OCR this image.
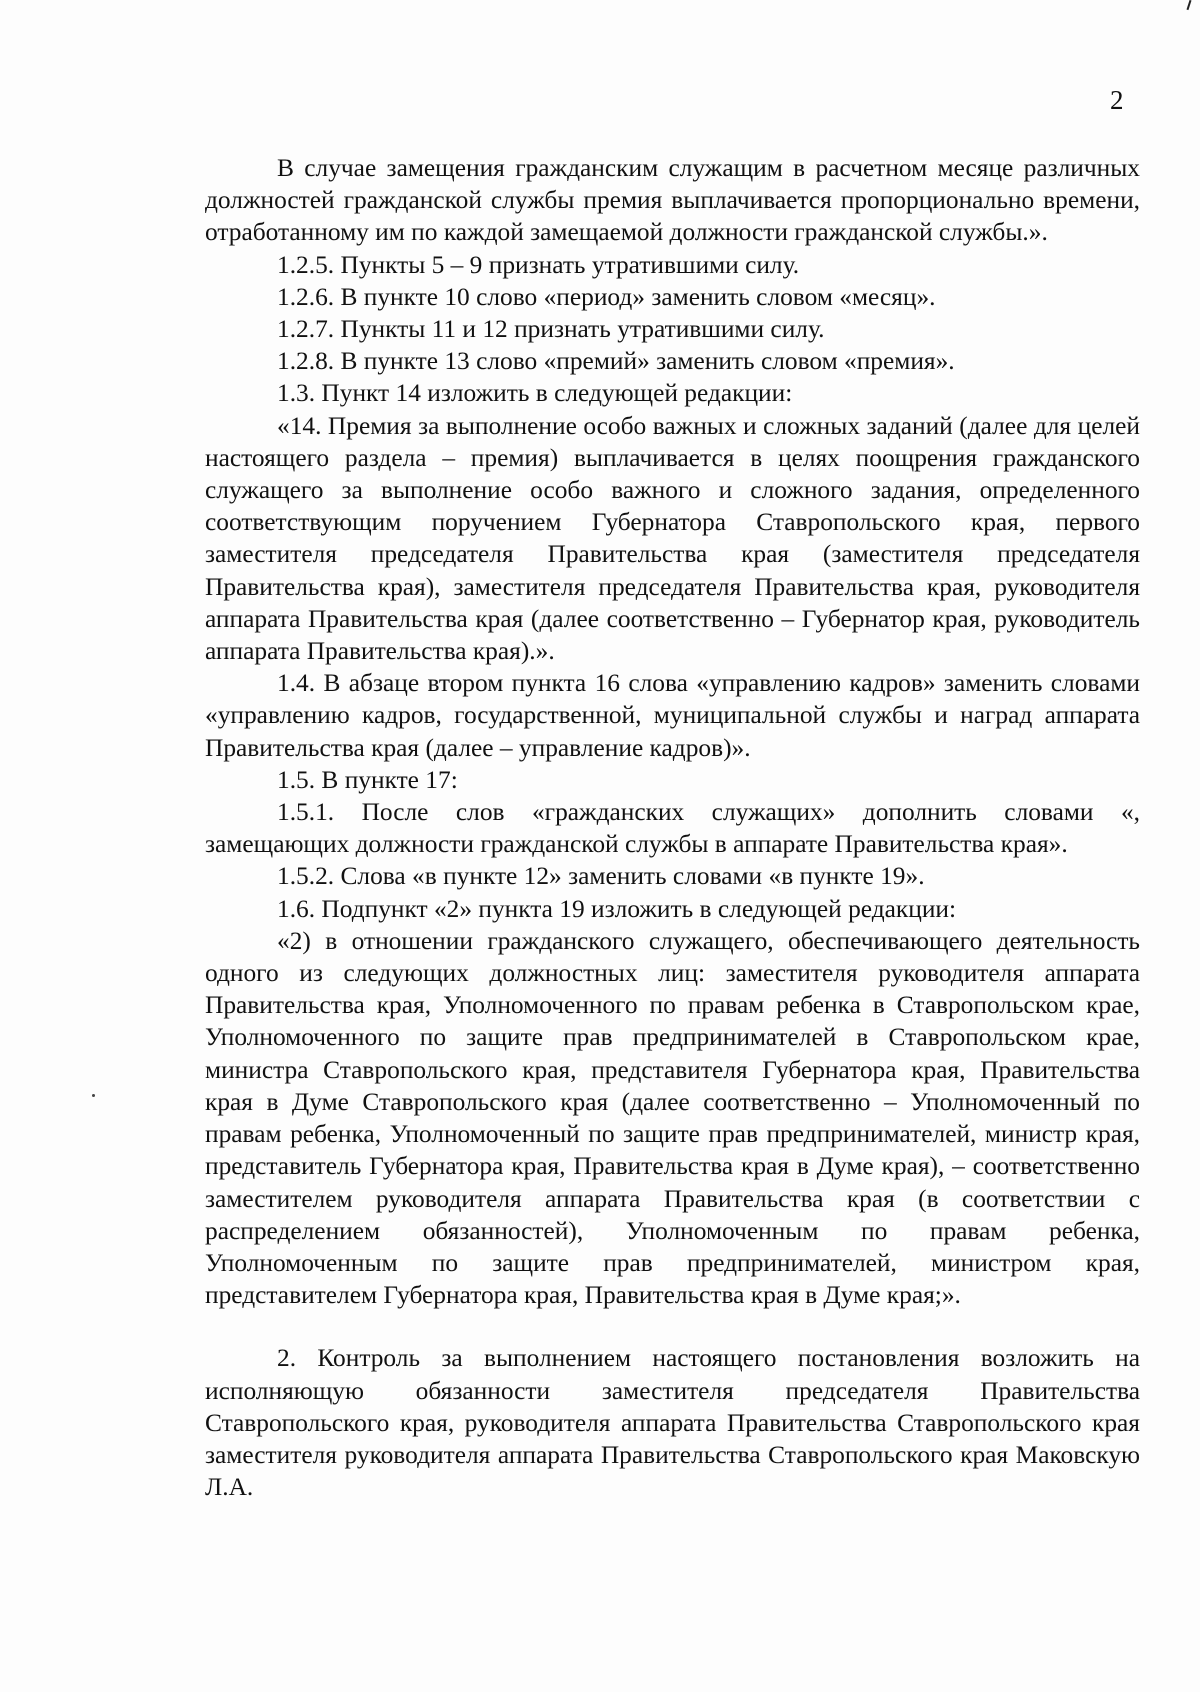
2

В случае замещения гражданским служащим в расчетном месяце различных должностей гражданской службы премия выплачивается пропорционально времени, отработанному им по каждой замещаемой должности гражданской службы.».

1.2.5. Пункты 5 – 9 признать утратившими силу.

1.2.6. В пункте 10 слово «период» заменить словом «месяц».

1.2.7. Пункты 11 и 12 признать утратившими силу.

1.2.8. В пункте 13 слово «премий» заменить словом «премия».

1.3. Пункт 14 изложить в следующей редакции:

«14. Премия за выполнение особо важных и сложных заданий (далее для целей настоящего раздела – премия) выплачивается в целях поощрения гражданского служащего за выполнение особо важного и сложного задания, определенного соответствующим поручением Губернатора Ставропольского края, первого заместителя председателя Правительства края (заместителя председателя Правительства края), заместителя председателя Правительства края, руководителя аппарата Правительства края (далее соответственно – Губернатор края, руководитель аппарата Правительства края).».

1.4. В абзаце втором пункта 16 слова «управлению кадров» заменить словами «управлению кадров, государственной, муниципальной службы и наград аппарата Правительства края (далее – управление кадров)».

1.5. В пункте 17:

1.5.1. После слов «гражданских служащих» дополнить словами «, замещающих должности гражданской службы в аппарате Правительства края».

1.5.2. Слова «в пункте 12» заменить словами «в пункте 19».

1.6. Подпункт «2» пункта 19 изложить в следующей редакции:

«2) в отношении гражданского служащего, обеспечивающего деятельность одного из следующих должностных лиц: заместителя руководителя аппарата Правительства края, Уполномоченного по правам ребенка в Ставропольском крае, Уполномоченного по защите прав предпринимателей в Ставропольском крае, министра Ставропольского края, представителя Губернатора края, Правительства края в Думе Ставропольского края (далее соответственно – Уполномоченный по правам ребенка, Уполномоченный по защите прав предпринимателей, министр края, представитель Губернатора края, Правительства края в Думе края), – соответственно заместителем руководителя аппарата Правительства края (в соответствии с распределением обязанностей), Уполномоченным по правам ребенка, Уполномоченным по защите прав предпринимателей, министром края, представителем Губернатора края, Правительства края в Думе края;».

2. Контроль за выполнением настоящего постановления возложить на исполняющую обязанности заместителя председателя Правительства Ставропольского края, руководителя аппарата Правительства Ставропольского края заместителя руководителя аппарата Правительства Ставропольского края Маковскую Л.А.
